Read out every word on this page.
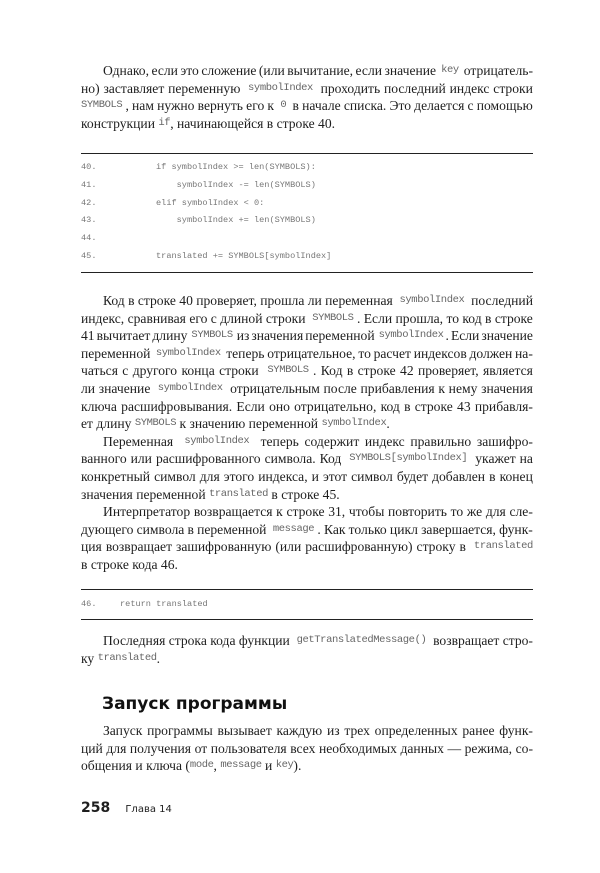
Однако, если это сложение (или вычитание, если значение key отрицатель-
но) заставляет переменную symbolIndex проходить последний индекс строки
SYMBOLS , нам нужно вернуть его к 0 в начале списка. Это делается с помощью
конструкции if , начинающейся в строке 40.
Код в строке 40 проверяет, прошла ли переменная symbolIndex последний
индекс, сравнивая его с длиной строки SYMBOLS . Если прошла, то код в строке
41 вычитает длину SYMBOLS из значения переменной symbolIndex . Если значение
переменной symbolIndex теперь отрицательное, то расчет индексов должен на-
чаться с другого конца строки SYMBOLS . Код в строке 42 проверяет, является
ли значение symbolIndex отрицательным после прибавления к нему значения
ключа расшифровывания. Если оно отрицательно, код в строке 43 прибавля-
ет длину SYMBOLS к значению переменной symbolIndex .
Переменная symbolIndex теперь содержит индекс правильно зашифро-
ванного или расшифрованного символа. Код SYMBOLS[symbolIndex] укажет на
конкретный символ для этого индекса, и этот символ будет добавлен в конец
значения переменной translated в строке 45.
Интерпретатор возвращается к строке 31, чтобы повторить то же для сле-
дующего символа в переменной message . Как только цикл завершается, функ-
ция возвращает зашифрованную (или расшифрованную) строку в translated
в строке кода 46.
Последняя строка кода функции getTranslatedMessage() возвращает стро-
ку translated .
Запуск программы
Запуск программы вызывает каждую из трех определенных ранее функ-
ций для получения от пользователя всех необходимых данных — режима, со-
общения и ключа ( mode , message и key ).
258 Глава 14
40.	if symbolIndex >= len(SYMBOLS):
41.	symbolIndex -= len(SYMBOLS)
42.	elif symbolIndex < 0:
43.	symbolIndex += len(SYMBOLS)
44.
45.	translated += SYMBOLS[symbolIndex]
46.	return translated
